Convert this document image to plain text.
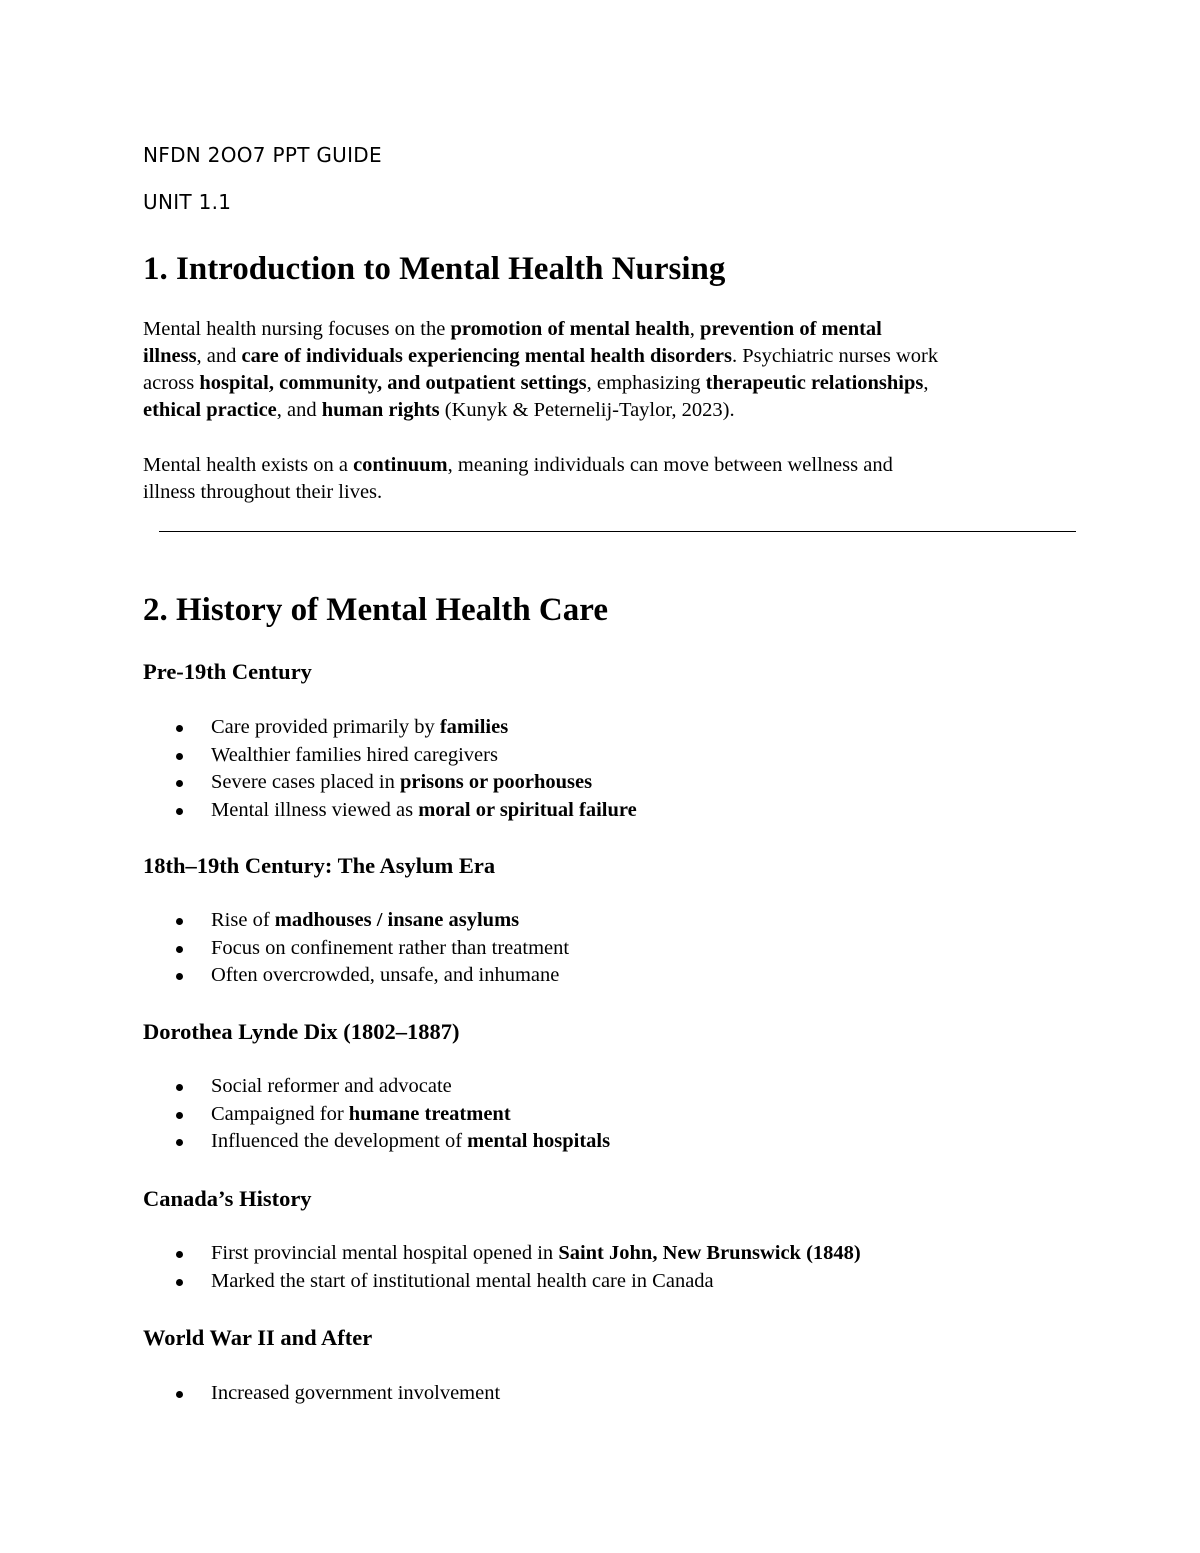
NFDN 2OO7 PPT GUIDE
UNIT 1.1
1. Introduction to Mental Health Nursing
Mental health nursing focuses on the promotion of mental health, prevention of mental
illness, and care of individuals experiencing mental health disorders. Psychiatric nurses work
across hospital, community, and outpatient settings, emphasizing therapeutic relationships,
ethical practice, and human rights (Kunyk & Peternelij-Taylor, 2023).
Mental health exists on a continuum, meaning individuals can move between wellness and
illness throughout their lives.
2. History of Mental Health Care
Pre-19th Century
Care provided primarily by families
Wealthier families hired caregivers
Severe cases placed in prisons or poorhouses
Mental illness viewed as moral or spiritual failure
18th–19th Century: The Asylum Era
Rise of madhouses / insane asylums
Focus on confinement rather than treatment
Often overcrowded, unsafe, and inhumane
Dorothea Lynde Dix (1802–1887)
Social reformer and advocate
Campaigned for humane treatment
Influenced the development of mental hospitals
Canada’s History
First provincial mental hospital opened in Saint John, New Brunswick (1848)
Marked the start of institutional mental health care in Canada
World War II and After
Increased government involvement
